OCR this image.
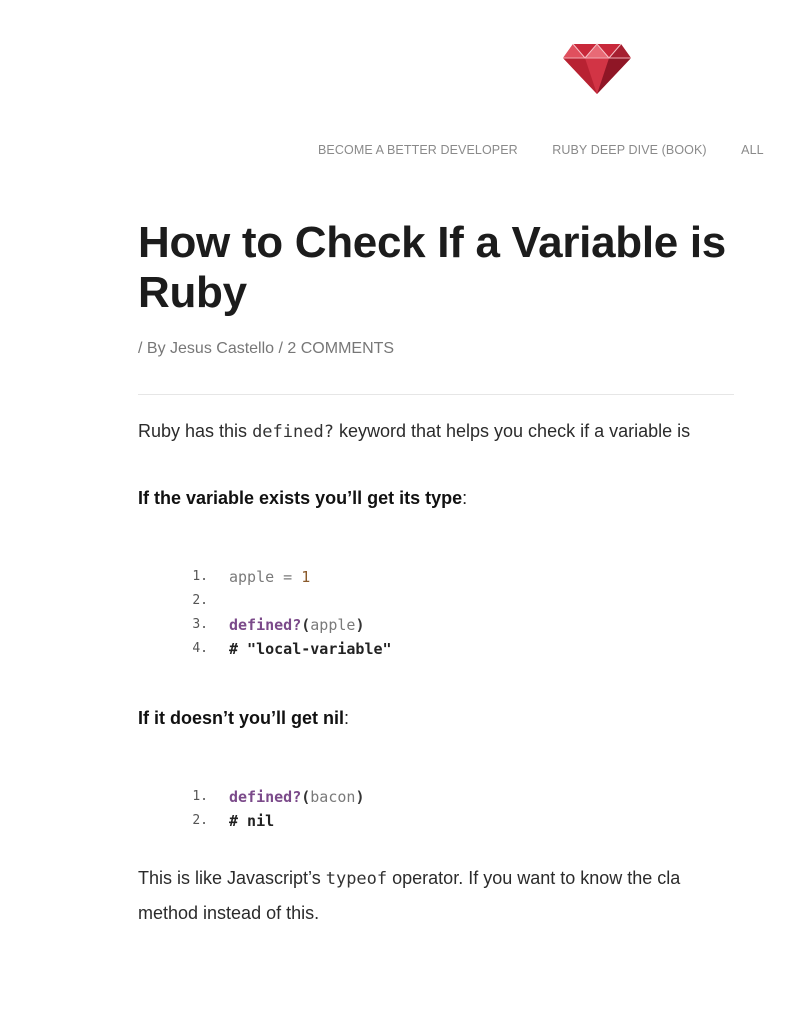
BECOME A BETTER DEVELOPER	RUBY DEEP DIVE (BOOK)	ALL
How to Check If a Variable is
Ruby
/ By Jesus Castello / 2 COMMENTS

Ruby has this defined? keyword that helps you check if a variable is

If the variable exists you’ll get its type:

1.	apple = 1
2.
3.	defined?(apple)
4.	# "local-variable"

If it doesn’t you’ll get nil:

1.	defined?(bacon)
2.	# nil

This is like Javascript’s typeof operator. If you want to know the cla
method instead of this.
